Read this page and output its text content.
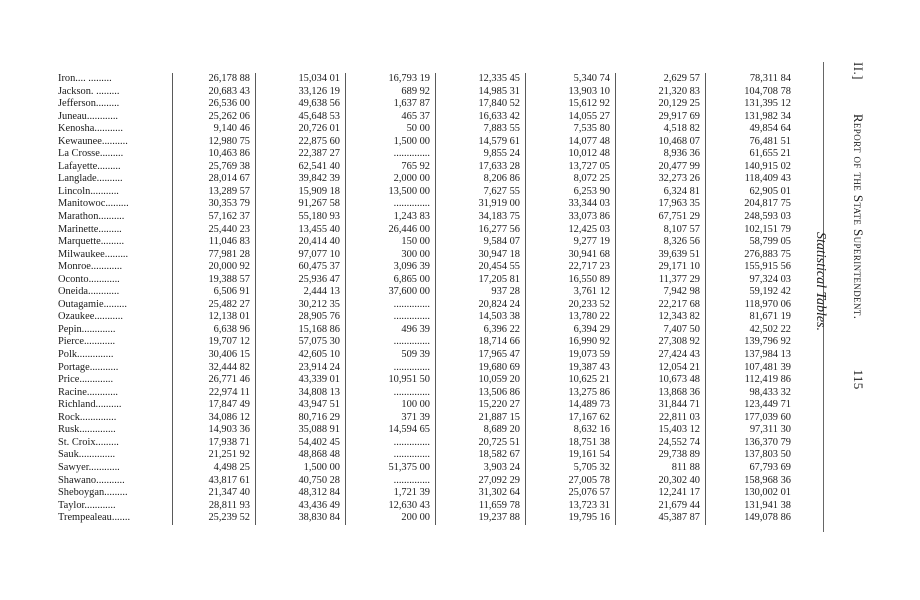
Iron.... .........	26,178 88	15,034 01	16,793 19	12,335 45	5,340 74	2,629 57	78,311 84
Jackson. .........	20,683 43	33,126 19	689 92	14,985 31	13,903 10	21,320 83	104,708 78
Jefferson.........	26,536 00	49,638 56	1,637 87	17,840 52	15,612 92	20,129 25	131,395 12
Juneau............	25,262 06	45,648 53	465 37	16,633 42	14,055 27	29,917 69	131,982 34
Kenosha...........	9,140 46	20,726 01	50 00	7,883 55	7,535 80	4,518 82	49,854 64
Kewaunee..........	12,980 75	22,875 60	1,500 00	14,579 61	14,077 48	10,468 07	76,481 51
La Crosse.........	10,463 86	22,387 27	..............	9,855 24	10,012 48	8,936 36	61,655 21
Lafayette.........	25,769 38	62,541 40	765 92	17,633 28	13,727 05	20,477 99	140,915 02
Langlade..........	28,014 67	39,842 39	2,000 00	8,206 86	8,072 25	32,273 26	118,409 43
Lincoln...........	13,289 57	15,909 18	13,500 00	7,627 55	6,253 90	6,324 81	62,905 01
Manitowoc.........	30,353 79	91,267 58	..............	31,919 00	33,344 03	17,963 35	204,817 75
Marathon..........	57,162 37	55,180 93	1,243 83	34,183 75	33,073 86	67,751 29	248,593 03
Marinette.........	25,440 23	13,455 40	26,446 00	16,277 56	12,425 03	8,107 57	102,151 79
Marquette.........	11,046 83	20,414 40	150 00	9,584 07	9,277 19	8,326 56	58,799 05
Milwaukee.........	77,981 28	97,077 10	300 00	30,947 18	30,941 68	39,639 51	276,883 75
Monroe............	20,000 92	60,475 37	3,096 39	20,454 55	22,717 23	29,171 10	155,915 56
Oconto............	19,388 57	25,936 47	6,865 00	17,205 81	16,550 89	11,377 29	97,324 03
Oneida............	6,506 91	2,444 13	37,600 00	937 28	3,761 12	7,942 98	59,192 42
Outagamie.........	25,482 27	30,212 35	..............	20,824 24	20,233 52	22,217 68	118,970 06
Ozaukee...........	12,138 01	28,905 76	..............	14,503 38	13,780 22	12,343 82	81,671 19
Pepin.............	6,638 96	15,168 86	496 39	6,396 22	6,394 29	7,407 50	42,502 22
Pierce............	19,707 12	57,075 30	..............	18,714 66	16,990 92	27,308 92	139,796 92
Polk..............	30,406 15	42,605 10	509 39	17,965 47	19,073 59	27,424 43	137,984 13
Portage...........	32,444 82	23,914 24	..............	19,680 69	19,387 43	12,054 21	107,481 39
Price.............	26,771 46	43,339 01	10,951 50	10,059 20	10,625 21	10,673 48	112,419 86
Racine............	22,974 11	34,808 13	..............	13,506 86	13,275 86	13,868 36	98,433 32
Richland..........	17,847 49	43,947 51	100 00	15,220 27	14,489 73	31,844 71	123,449 71
Rock..............	34,086 12	80,716 29	371 39	21,887 15	17,167 62	22,811 03	177,039 60
Rusk..............	14,903 36	35,088 91	14,594 65	8,689 20	8,632 16	15,403 12	97,311 30
St. Croix.........	17,938 71	54,402 45	..............	20,725 51	18,751 38	24,552 74	136,370 79
Sauk..............	21,251 92	48,868 48	..............	18,582 67	19,161 54	29,738 89	137,803 50
Sawyer............	4,498 25	1,500 00	51,375 00	3,903 24	5,705 32	811 88	67,793 69
Shawano...........	43,817 61	40,750 28	..............	27,092 29	27,005 78	20,302 40	158,968 36
Sheboygan.........	21,347 40	48,312 84	1,721 39	31,302 64	25,076 57	12,241 17	130,002 01
Taylor............	28,811 93	43,436 49	12,630 43	11,659 78	13,723 31	21,679 44	131,941 38
Trempealeau.......	25,239 52	38,830 84	200 00	19,237 88	19,795 16	45,387 87	149,078 86
Statistical Tables.
II.]Report of the State Superintendent.115
